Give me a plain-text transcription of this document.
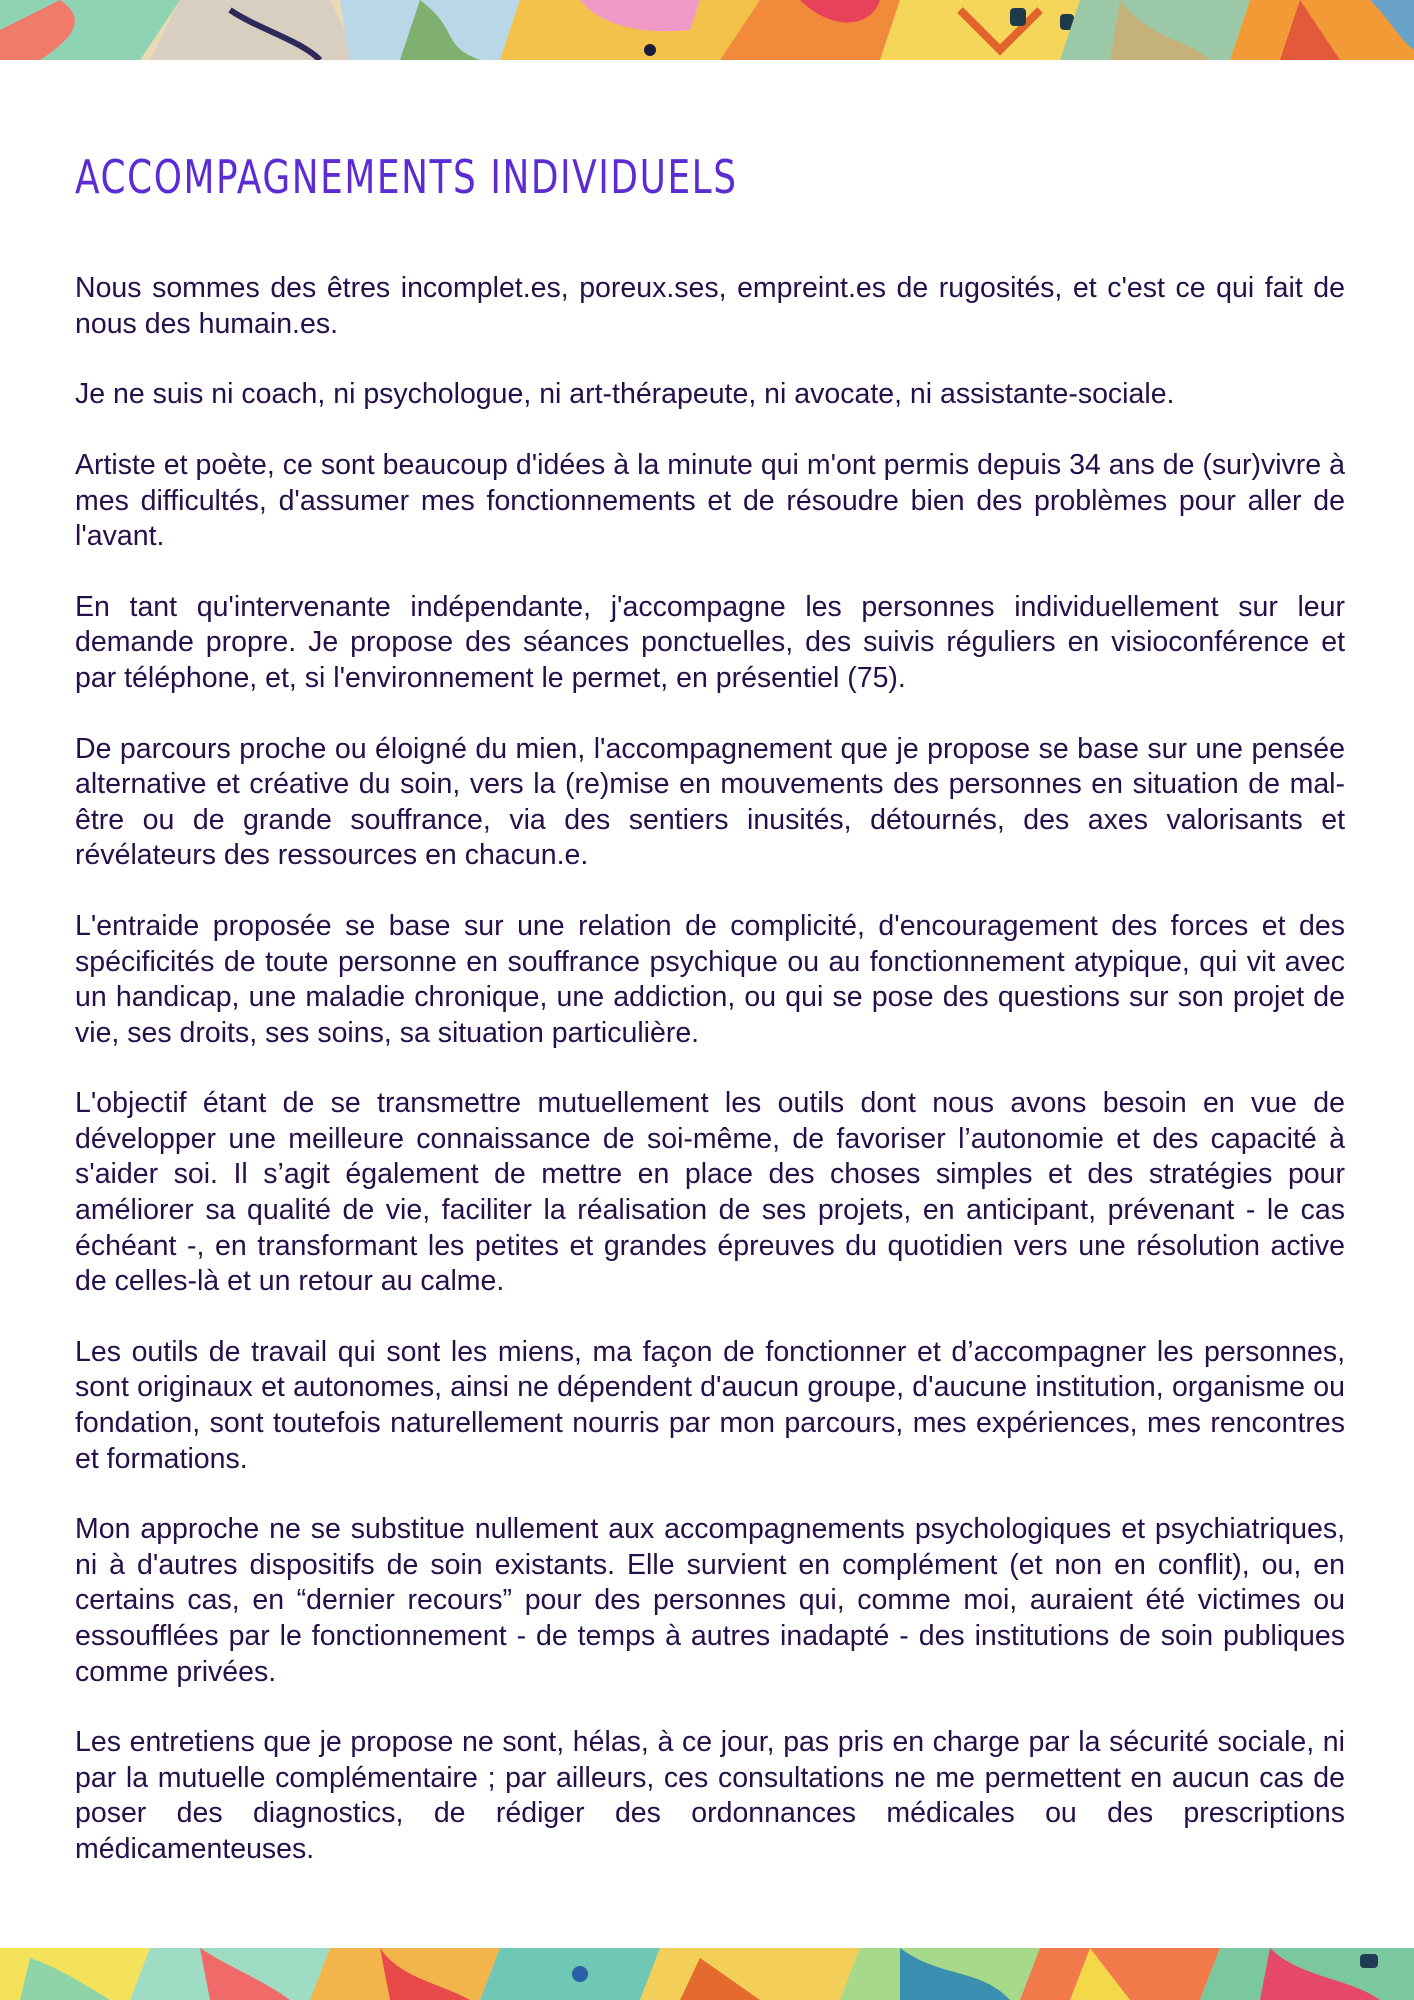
ACCOMPAGNEMENTS INDIVIDUELS

Nous sommes des êtres incomplet.es, poreux.ses, empreint.es de rugosités, et c'est ce qui fait de nous des humain.es.

Je ne suis ni coach, ni psychologue, ni art-thérapeute, ni avocate, ni assistante-sociale.

Artiste et poète, ce sont beaucoup d'idées à la minute qui m'ont permis depuis 34 ans de (sur)vivre à mes difficultés, d'assumer mes fonctionnements et de résoudre bien des problèmes pour aller de l'avant.

En tant qu'intervenante indépendante, j'accompagne les personnes individuellement sur leur demande propre. Je propose des séances ponctuelles, des suivis réguliers en visioconférence et par téléphone, et, si l'environnement le permet, en présentiel (75).

De parcours proche ou éloigné du mien, l'accompagnement que je propose se base sur une pensée alternative et créative du soin, vers la (re)mise en mouvements des personnes en situation de mal-être ou de grande souffrance, via des sentiers inusités, détournés, des axes valorisants et révélateurs des ressources en chacun.e.

L'entraide proposée se base sur une relation de complicité, d'encouragement des forces et des spécificités de toute personne en souffrance psychique ou au fonctionnement atypique, qui vit avec un handicap, une maladie chronique, une addiction, ou qui se pose des questions sur son projet de vie, ses droits, ses soins, sa situation particulière.

L'objectif étant de se transmettre mutuellement les outils dont nous avons besoin en vue de développer une meilleure connaissance de soi-même, de favoriser l’autonomie et des capacité à s'aider soi. Il s’agit également de mettre en place des choses simples et des stratégies pour améliorer sa qualité de vie, faciliter la réalisation de ses projets, en anticipant, prévenant - le cas échéant -, en transformant les petites et grandes épreuves du quotidien vers une résolution active de celles-là et un retour au calme.

Les outils de travail qui sont les miens, ma façon de fonctionner et d’accompagner les personnes, sont originaux et autonomes, ainsi ne dépendent d'aucun groupe, d'aucune institution, organisme ou fondation, sont toutefois naturellement nourris par mon parcours, mes expériences, mes rencontres et formations.

Mon approche ne se substitue nullement aux accompagnements psychologiques et psychiatriques, ni à d'autres dispositifs de soin existants. Elle survient en complément (et non en conflit), ou, en certains cas, en “dernier recours” pour des personnes qui, comme moi, auraient été victimes ou essoufflées par le fonctionnement - de temps à autres inadapté - des institutions de soin publiques comme privées.

Les entretiens que je propose ne sont, hélas, à ce jour, pas pris en charge par la sécurité sociale, ni par la mutuelle complémentaire ; par ailleurs, ces consultations ne me permettent en aucun cas de poser des diagnostics, de rédiger des ordonnances médicales ou des prescriptions médicamenteuses.
